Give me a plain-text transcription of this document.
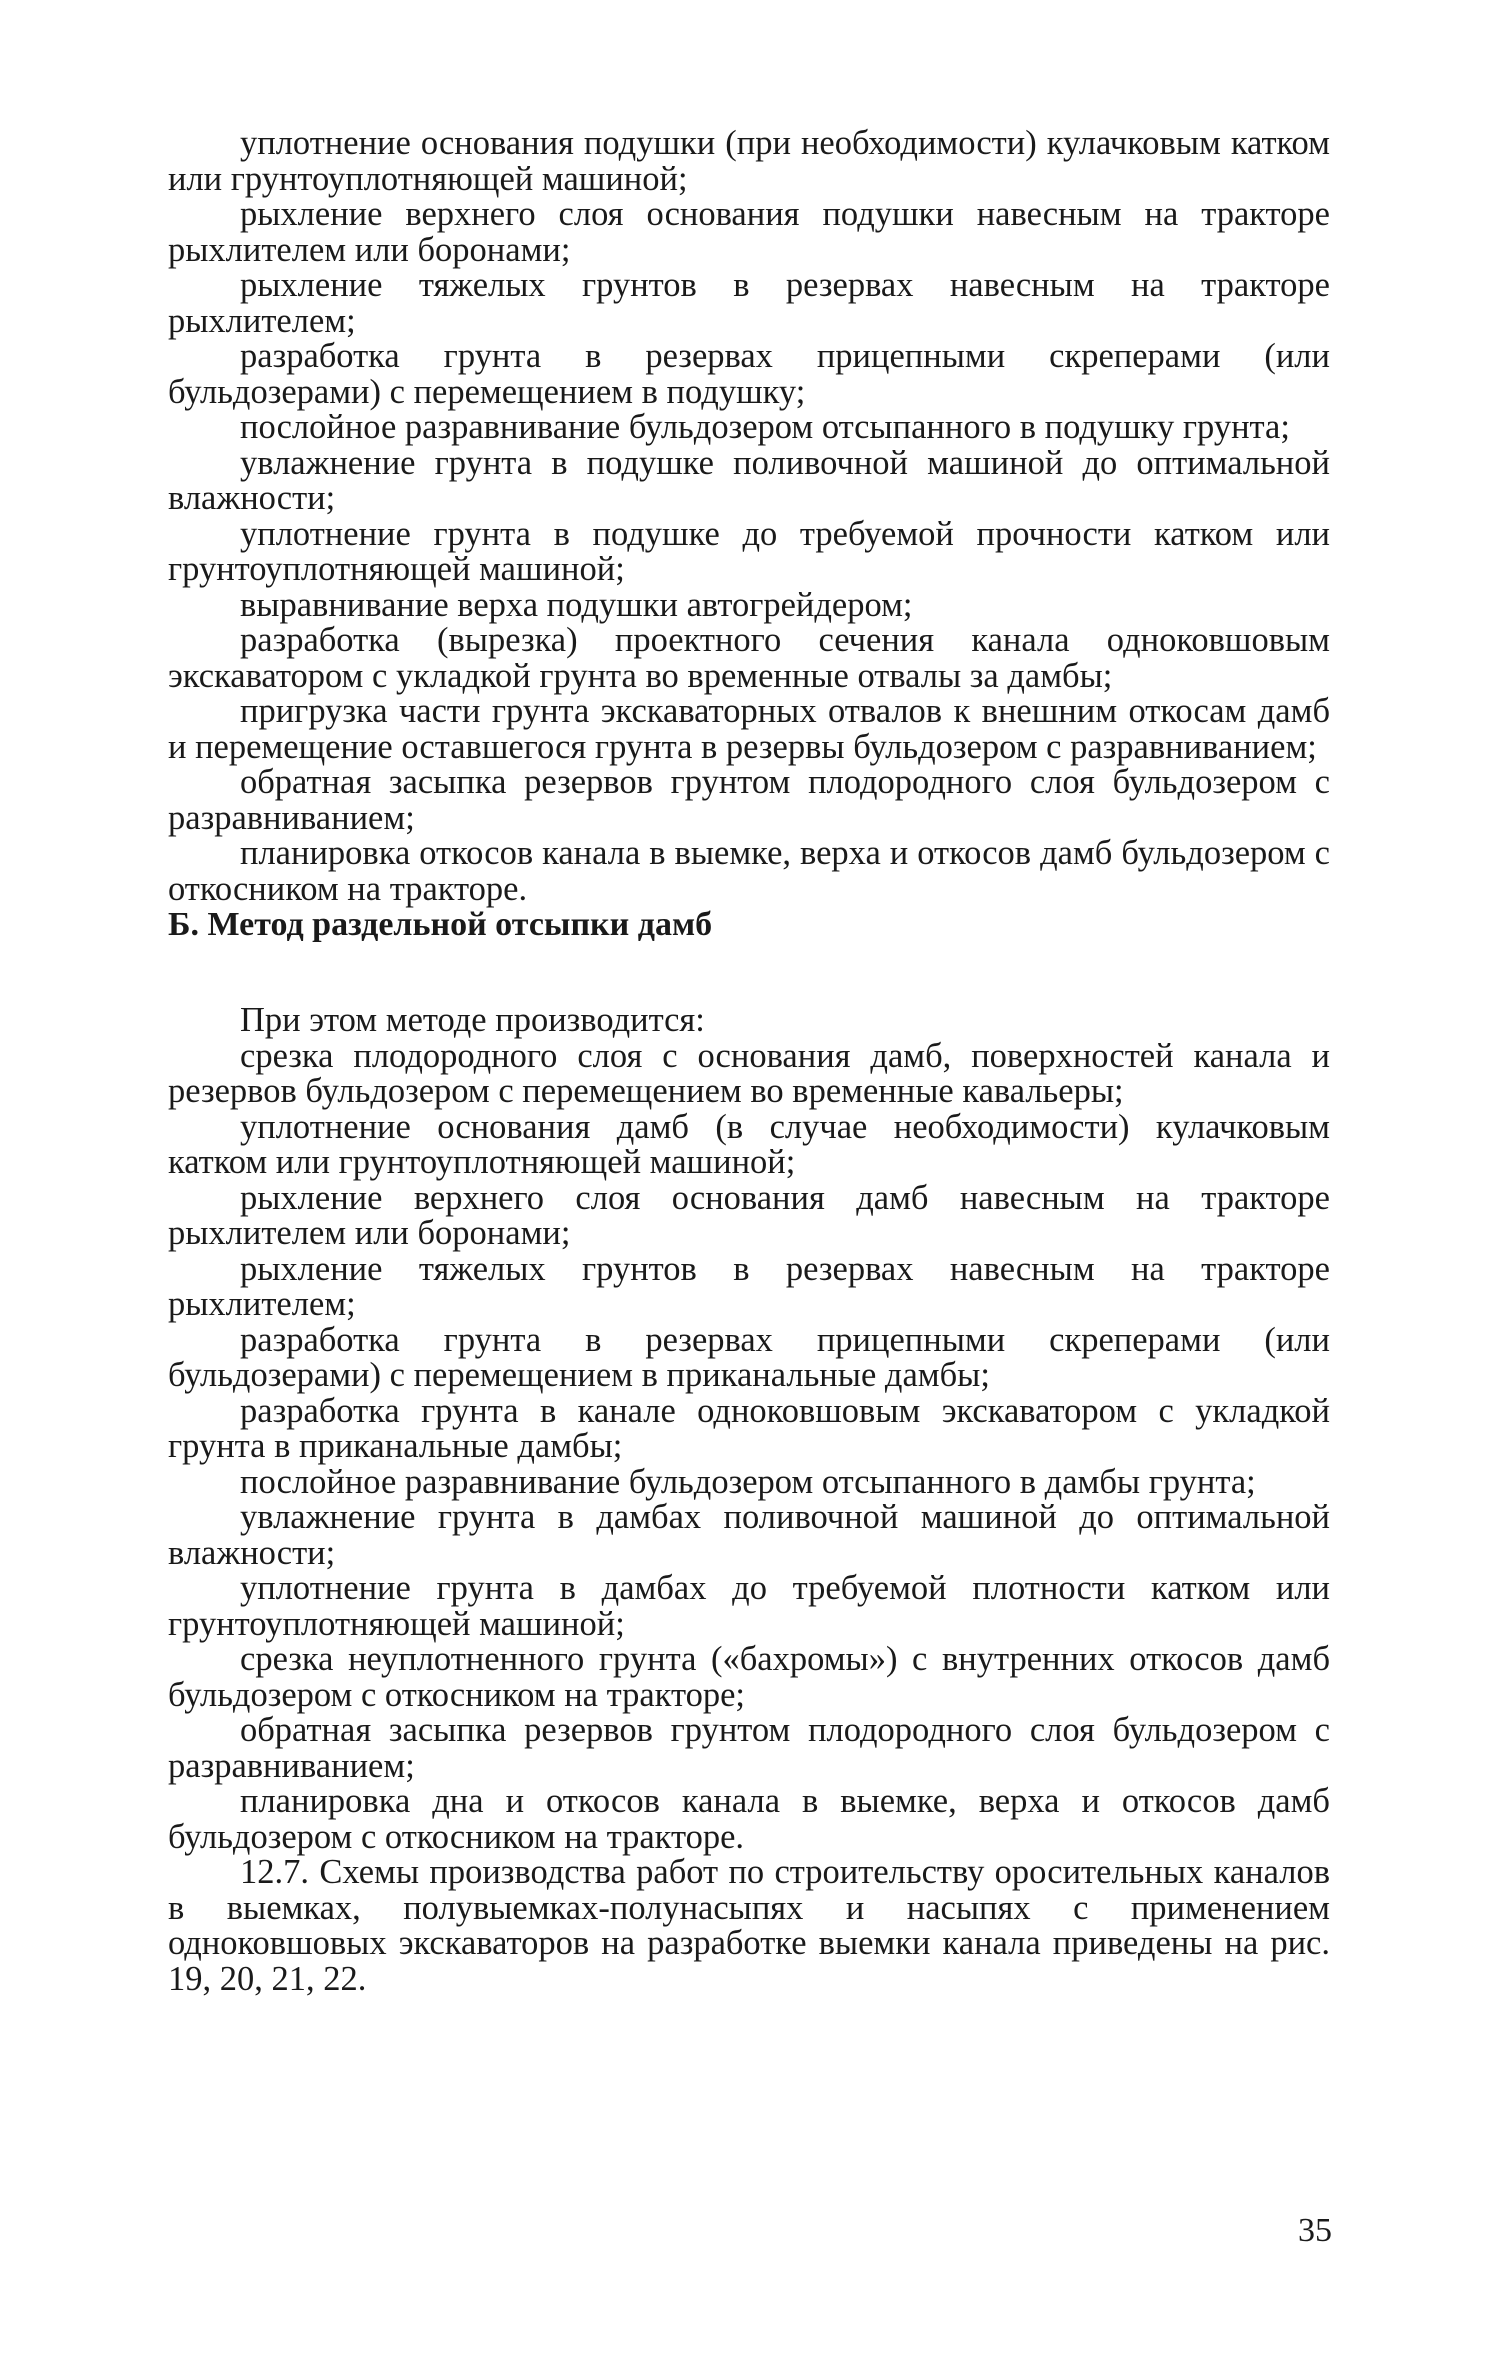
уплотнение основания подушки (при необходимости) кулачковым катком или грунтоуплотняющей машиной;

рыхление верхнего слоя основания подушки навесным на тракторе рыхлителем или боронами;

рыхление тяжелых грунтов в резервах навесным на тракторе рыхлителем;

разработка грунта в резервах прицепными скреперами (или бульдозерами) с перемещением в подушку;

послойное разравнивание бульдозером отсыпанного в подушку грунта;

увлажнение грунта в подушке поливочной машиной до оптимальной влажности;

уплотнение грунта в подушке до требуемой прочности катком или грунтоуплотняющей машиной;

выравнивание верха подушки автогрейдером;

разработка (вырезка) проектного сечения канала одноковшовым экскаватором с укладкой грунта во временные отвалы за дамбы;

пригрузка части грунта экскаваторных отвалов к внешним откосам дамб и перемещение оставшегося грунта в резервы бульдозером с разравниванием;

обратная засыпка резервов грунтом плодородного слоя бульдозером с разравниванием;

планировка откосов канала в выемке, верха и откосов дамб бульдозером с откосником на тракторе.

Б. Метод раздельной отсыпки дамб

При этом методе производится:

срезка плодородного слоя с основания дамб, поверхностей канала и резервов бульдозером с перемещением во временные кавальеры;

уплотнение основания дамб (в случае необходимости) кулачковым катком или грунтоуплотняющей машиной;

рыхление верхнего слоя основания дамб навесным на тракторе рыхлителем или боронами;

рыхление тяжелых грунтов в резервах навесным на тракторе рыхлителем;

разработка грунта в резервах прицепными скреперами (или бульдозерами) с перемещением в приканальные дамбы;

разработка грунта в канале одноковшовым экскаватором с укладкой грунта в приканальные дамбы;

послойное разравнивание бульдозером отсыпанного в дамбы грунта;

увлажнение грунта в дамбах поливочной машиной до оптимальной влажности;

уплотнение грунта в дамбах до требуемой плотности катком или грунтоуплотняющей машиной;

срезка неуплотненного грунта («бахромы») с внутренних откосов дамб бульдозером с откосником на тракторе;

обратная засыпка резервов грунтом плодородного слоя бульдозером с разравниванием;

планировка дна и откосов канала в выемке, верха и откосов дамб бульдозером с откосником на тракторе.

12.7. Схемы производства работ по строительству оросительных каналов в выемках, полувыемках-полунасыпях и насыпях с применением одноковшовых экскаваторов на разработке выемки канала приведены на рис. 19, 20, 21, 22.

35
